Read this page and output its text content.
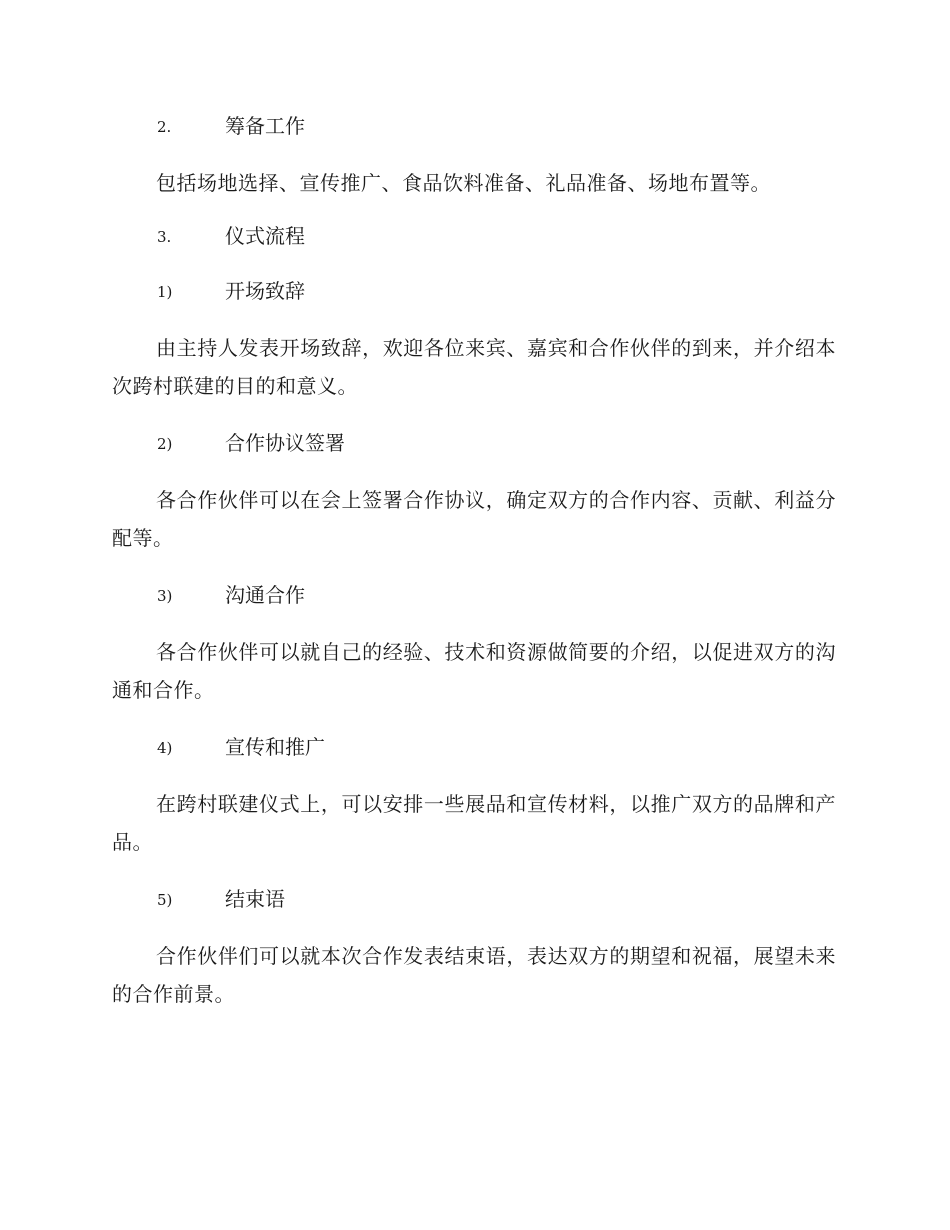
2.	筹备工作

包括场地选择、宣传推广、食品饮料准备、礼品准备、场地布置等。

3.	仪式流程
1)	开场致辞

由主持人发表开场致辞，欢迎各位来宾、嘉宾和合作伙伴的到来，并介绍本次跨村联建的目的和意义。

2)	合作协议签署

各合作伙伴可以在会上签署合作协议，确定双方的合作内容、贡献、利益分配等。

3)	沟通合作

各合作伙伴可以就自己的经验、技术和资源做简要的介绍，以促进双方的沟通和合作。

4)	宣传和推广

在跨村联建仪式上，可以安排一些展品和宣传材料，以推广双方的品牌和产品。

5)	结束语

合作伙伴们可以就本次合作发表结束语，表达双方的期望和祝福，展望未来的合作前景。
